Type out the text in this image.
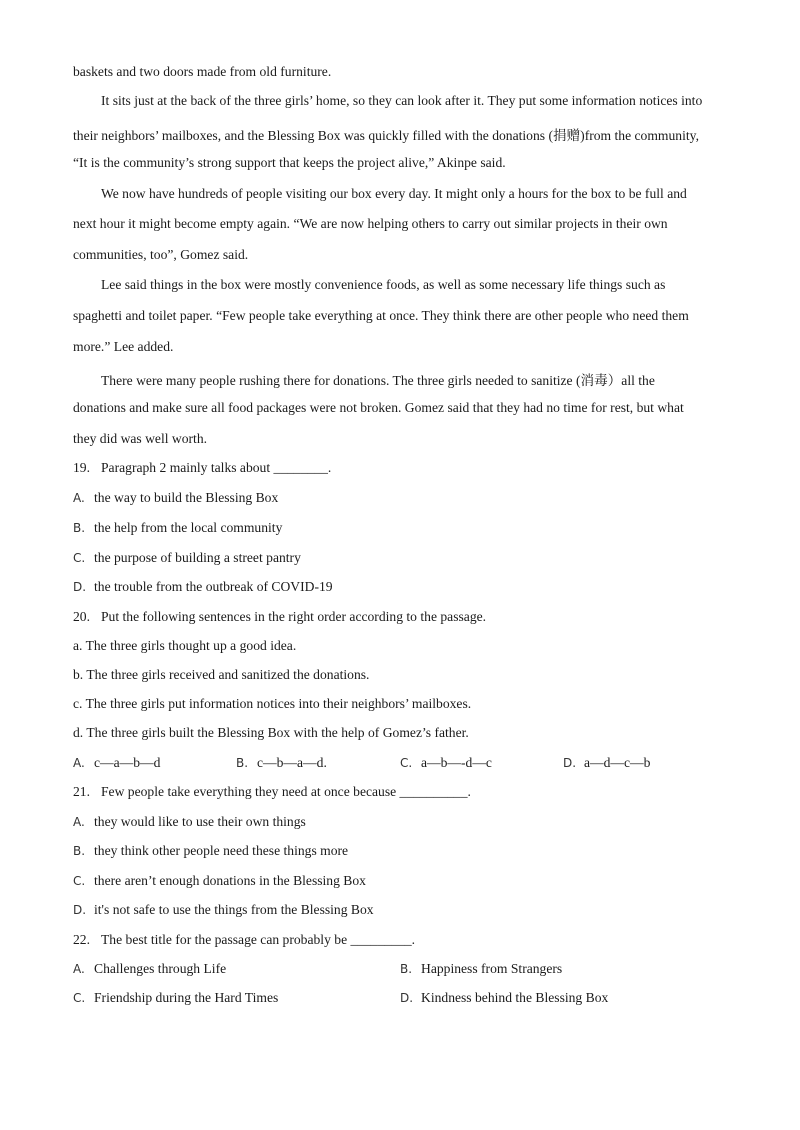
baskets and two doors made from old furniture.
It sits just at the back of the three girls’ home, so they can look after it. They put some information notices into
their neighbors’ mailboxes, and the Blessing Box was quickly filled with the donations (捐赠)from the community,
“It is the community’s strong support that keeps the project alive,” Akinpe said.
We now have hundreds of people visiting our box every day. It might only a hours for the box to be full and
next hour it might become empty again. “We are now helping others to carry out similar projects in their own
communities, too”, Gomez said.
Lee said things in the box were mostly convenience foods, as well as some necessary life things such as
spaghetti and toilet paper. “Few people take everything at once. They think there are other people who need them
more.” Lee added.
There were many people rushing there for donations. The three girls needed to sanitize (消毒）all the
donations and make sure all food packages were not broken. Gomez said that they had no time for rest, but what
they did was well worth.
19. Paragraph 2 mainly talks about ________.
A. the way to build the Blessing Box
B. the help from the local community
C. the purpose of building a street pantry
D. the trouble from the outbreak of COVID-19
20. Put the following sentences in the right order according to the passage.
a. The three girls thought up a good idea.
b. The three girls received and sanitized the donations.
c. The three girls put information notices into their neighbors’ mailboxes.
d. The three girls built the Blessing Box with the help of Gomez’s father.
A. c—a—b—d	B. c—b—a—d.	C. a—b—-d—c	D. a—d—c—b
21. Few people take everything they need at once because __________.
A. they would like to use their own things
B. they think other people need these things more
C. there aren’t enough donations in the Blessing Box
D. it's not safe to use the things from the Blessing Box
22. The best title for the passage can probably be _________.
A. Challenges through Life	B. Happiness from Strangers
C. Friendship during the Hard Times	D. Kindness behind the Blessing Box
